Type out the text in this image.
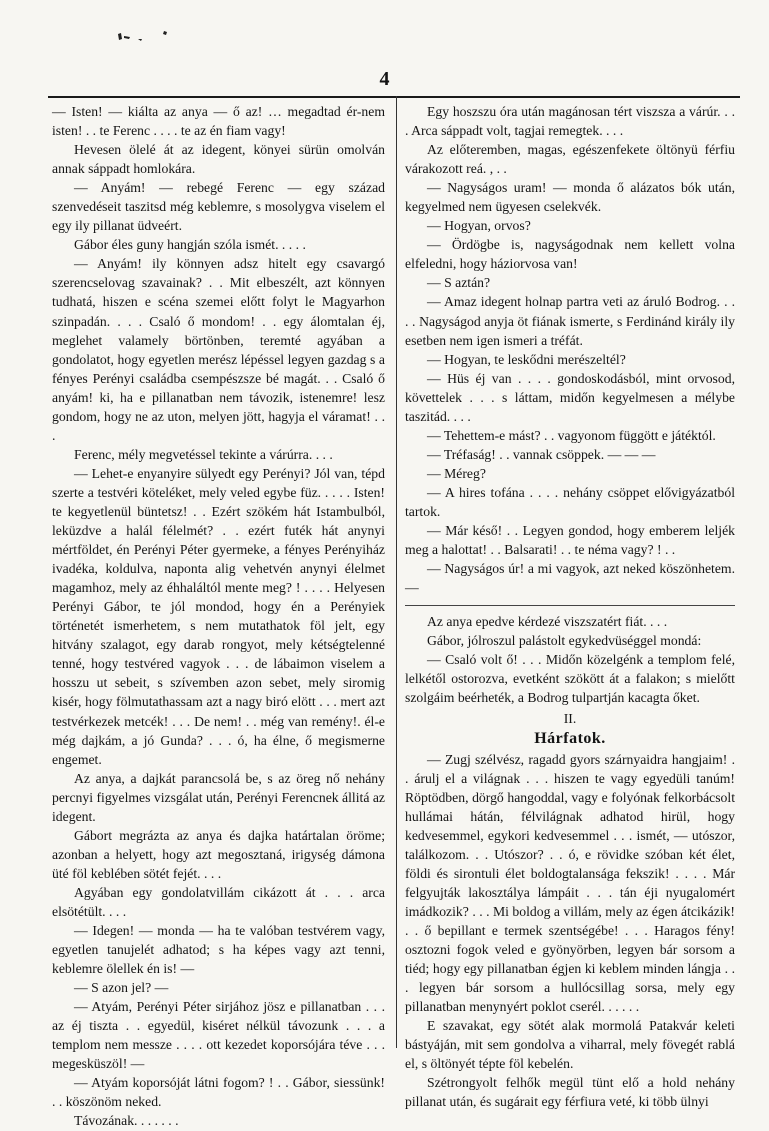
4

— Isten! — kiálta az anya — ő az! … megadtad ér-nem isten! . . te Ferenc . . . . te az én fiam vagy!

Hevesen ölelé át az idegent, könyei sürün omolván annak sáppadt homlokára.

— Anyám! — rebegé Ferenc — egy század szenvedéseit taszitsd még keblemre, s mosolygva viselem el egy ily pillanat üdveért.

Gábor éles guny hangján szóla ismét. . . . .

— Anyám! ily könnyen adsz hitelt egy csavargó szerencselovag szavainak? . . Mit elbeszélt, azt könnyen tudhatá, hiszen e scéna szemei előtt folyt le Magyarhon szinpadán. . . . Csaló ő mondom! . . egy álomtalan éj, meglehet valamely börtönben, teremté agyában a gondolatot, hogy egyetlen merész lépéssel legyen gazdag s a fényes Perényi családba csempészsze bé magát. . . Csaló ő anyám! ki, ha e pillanatban nem távozik, istenemre! lesz gondom, hogy ne az uton, melyen jött, hagyja el váramat! . . .

Ferenc, mély megvetéssel tekinte a várúrra. . . .

— Lehet-e enyanyire sülyedt egy Perényi? Jól van, tépd szerte a testvéri köteléket, mely veled egybe füz. . . . . Isten! te kegyetlenül büntetsz! . . Ezért szökém hát Istambulból, leküzdve a halál félelmét? . . ezért futék hát anynyi mértföldet, én Perényi Péter gyermeke, a fényes Perényiház ivadéka, koldulva, naponta alig vehetvén anynyi élelmet magamhoz, mely az éhhaláltól mente meg? ! . . . . Helyesen Perényi Gábor, te jól mondod, hogy én a Perényiek történetét ismerhetem, s nem mutathatok föl jelt, egy hitvány szalagot, egy darab rongyot, mely kétségtelenné tenné, hogy testvéred vagyok . . . de lábaimon viselem a hosszu ut sebeit, s szívemben azon sebet, mely siromig kisér, hogy fölmutathassam azt a nagy biró elött . . . mert azt testvérkezek metcék! . . . De nem! . . még van remény!. él-e még dajkám, a jó Gunda? . . . ó, ha élne, ő megismerne engemet.

Az anya, a dajkát parancsolá be, s az öreg nő nehány percnyi figyelmes vizsgálat után, Perényi Ferencnek állitá az idegent.

Gábort megrázta az anya és dajka határtalan öröme; azonban a helyett, hogy azt megosztaná, irigység dámona üté föl keblében sötét fejét. . . .

Agyában egy gondolatvillám cikázott át . . . arca elsötétült. . . .

— Idegen! — monda — ha te valóban testvérem vagy, egyetlen tanujelét adhatod; s ha képes vagy azt tenni, keblemre ölellek én is! —

— S azon jel? —

— Atyám, Perényi Péter sirjához jösz e pillanatban . . . az éj tiszta . . egyedül, kiséret nélkül távozunk . . . a templom nem messze . . . . ott kezedet koporsójára téve . . . megesküszöl! —

— Atyám koporsóját látni fogom? ! . . Gábor, siessünk! . . köszönöm neked.

Távozának. . . . . . .

Egy hoszszu óra után magánosan tért viszsza a várúr. . . . Arca sáppadt volt, tagjai remegtek. . . .

Az előteremben, magas, egészenfekete öltönyü férfiu várakozott reá. , . .

— Nagyságos uram! — monda ő alázatos bók után, kegyelmed nem ügyesen cselekvék.

— Hogyan, orvos?

— Ördögbe is, nagyságodnak nem kellett volna elfeledni, hogy háziorvosa van!

— S aztán?

— Amaz idegent holnap partra veti az áruló Bodrog. . . . . Nagyságod anyja öt fiának ismerte, s Ferdinánd király ily esetben nem igen ismeri a tréfát.

— Hogyan, te leskődni merészeltél?

— Hüs éj van . . . . gondoskodásból, mint orvosod, követtelek . . . s láttam, midőn kegyelmesen a mélybe taszitád. . . .

— Tehettem-e mást? . . vagyonom függött e játéktól.

— Tréfaság! . . vannak csöppek. — — —

— Méreg?

— A hires tofána . . . . nehány csöppet elővigyázatból tartok.

— Már késő! . . Legyen gondod, hogy emberem leljék meg a halottat! . . Balsarati! . . te néma vagy? ! . .

— Nagyságos úr! a mi vagyok, azt neked köszönhetem. —

Az anya epedve kérdezé viszszatért fiát. . . .

Gábor, jólroszul palástolt egykedvüséggel mondá:

— Csaló volt ő! . . . Midőn közelgénk a templom felé, lelkétől ostorozva, evetként szökött át a falakon; s mielőtt szolgáim beérheték, a Bodrog tulpartján kacagta őket.

II.
Hárfatok.

— Zugj szélvész, ragadd gyors szárnyaidra hangjaim! . . árulj el a világnak . . . hiszen te vagy egyedüli tanúm! Röptödben, dörgő hangoddal, vagy e folyónak felkorbácsolt hullámai hátán, félvilágnak adhatod hirül, hogy kedvesemmel, egykori kedvesemmel . . . ismét, — utószor, találkozom. . . Utószor? . . ó, e rövidke szóban két élet, földi és sirontuli élet boldogtalansága fekszik! . . . . Már felgyujták lakosztálya lámpáit . . . tán éji nyugalomért imádkozik? . . . Mi boldog a villám, mely az égen átcikázik! . . ő bepillant e termek szentségébe! . . . Haragos fény! osztozni fogok veled e gyönyörben, legyen bár sorsom a tiéd; hogy egy pillanatban égjen ki keblem minden lángja . . . legyen bár sorsom a hullócsillag sorsa, mely egy pillanatban menynyért poklot cserél. . . . . .

E szavakat, egy sötét alak mormolá Patakvár keleti bástyáján, mit sem gondolva a viharral, mely fövegét rablá el, s öltönyét tépte föl kebelén.

Szétrongyolt felhők megül tünt elő a hold nehány pillanat után, és sugárait egy férfiura veté, ki több ülnyi
